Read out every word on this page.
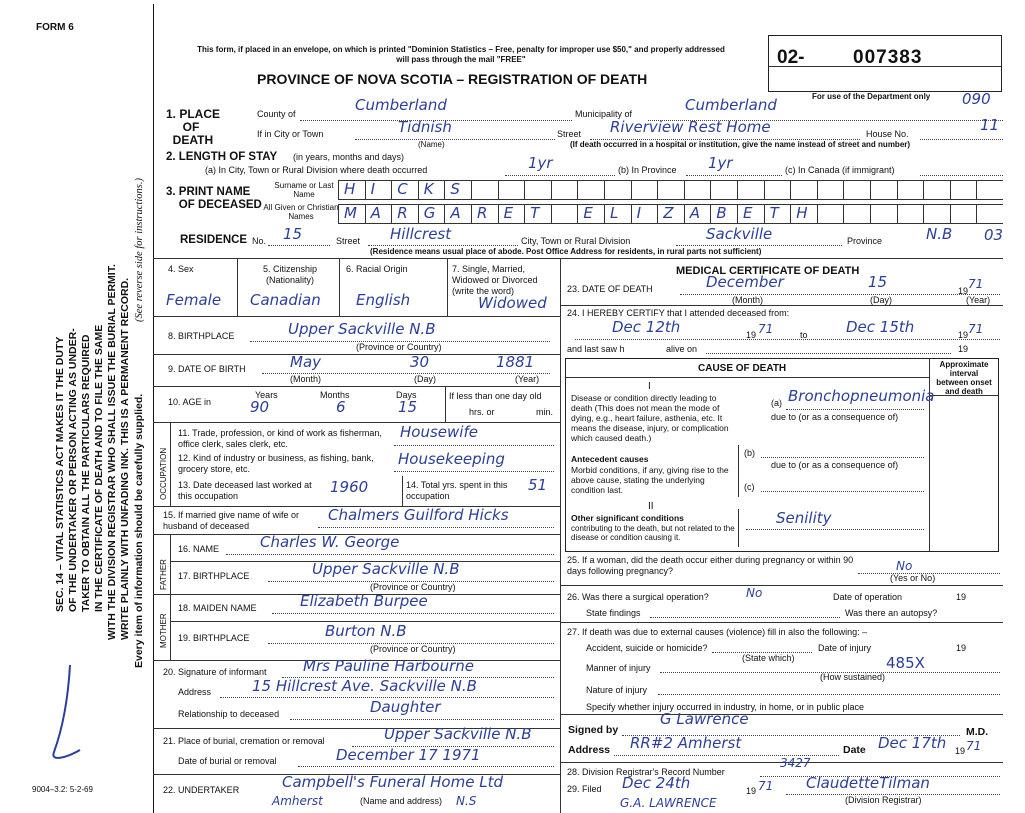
FORM 6
SEC. 14 – VITAL STATISTICS ACT MAKES IT THE DUTY OF THE UNDERTAKER OR PERSON ACTING AS UNDER- TAKER TO OBTAIN ALL THE PARTICULARS REQUIRED IN THE CERTIFICATE OF DEATH AND TO FILE THE SAME WITH THE DIVISION REGISTRAR WHO SHALL ISSUE THE BURIAL PERMIT. WRITE PLAINLY WITH UNFADING INK. THIS IS A PERMANENT RECORD. Every item of information should be carefully supplied.
(See reverse side for instructions.)
9004–3.2: 5-2-69
This form, if placed in an envelope, on which is printed "Dominion Statistics – Free, penalty for improper use $50," and properly addressed will pass through the mail "FREE"
PROVINCE OF NOVA SCOTIA – REGISTRATION OF DEATH
02-	007383
For use of the Department only 090
11
1. PLACE
OF
DEATH
County of	Cumberland	Municipality of	Cumberland
If in City or Town	Tidnish
(Name)
Street Riverview Rest Home	House No.
(If death occurred in a hospital or institution, give the name instead of street and number)
2. LENGTH OF STAY (in years, months and days)
(a) In City, Town or Rural Division where death occurred	1yr	(b) In Province 1yr	(c) In Canada (if immigrant)
3. PRINT NAME
OF DECEASED
Surname or Last Name
All Given or Christian Names
H I C K S
M A R G A R E T	E L I Z A B E T H
RESIDENCE No. 15	Street Hillcrest	City, Town or Rural Division	Sackville	Province	N.B 03
(Residence means usual place of abode. Post Office Address for residents, in rural parts not sufficient)
4. Sex
Female
5. Citizenship (Nationality)
Canadian
6. Racial Origin
English
7. Single, Married, Widowed or Divorced (write the word)
Widowed
8. BIRTHPLACE	Upper Sackville N.B
(Province or Country)
9. DATE OF BIRTH	May	30	1881
(Month)	(Day)	(Year)
10. AGE in
Years	Months	Days
90	6	15
If less than one day old
hrs. or	min.
OCCUPATION
11. Trade, profession, or kind of work as fisherman, office clerk, sales clerk, etc.
Housewife
12. Kind of industry or business, as fishing, bank, grocery store, etc.
Housekeeping
13. Date deceased last worked at this occupation	1960	14. Total yrs. spent in this occupation
51
15. If married give name of wife or husband of deceased
Chalmers Guilford Hicks
FATHER
MOTHER
16. NAME	Charles W. George
17. BIRTHPLACE	Upper Sackville N.B
(Province or Country)
18. MAIDEN NAME	Elizabeth Burpee
19. BIRTHPLACE	Burton N.B
(Province or Country)
20. Signature of informant Mrs Pauline Harbourne
Address	15 Hillcrest Ave. Sackville N.B
Relationship to deceased	Daughter
21. Place of burial, cremation or removal	Upper Sackville N.B
Date of burial or removal	December 17 1971
22. UNDERTAKER	Campbell's Funeral Home Ltd
Amherst	(Name and address) N.S
MEDICAL CERTIFICATE OF DEATH
23. DATE OF DEATH	December	15	19 71
(Month)	(Day)	(Year)
24. I HEREBY CERTIFY that I attended deceased from:
Dec 12th	19 71	to	Dec 15th	19 71
and last saw h	alive on	19
CAUSE OF DEATH	Approximate interval between onset and death
I
Disease or condition directly leading to death (This does not mean the mode of dying, e.g., heart failure, asthenia, etc. It means the disease, injury, or complication which caused death.)
(a) Bronchopneumonia
due to (or as a consequence of)
Antecedent causes
Morbid conditions, if any, giving rise to the above cause, stating the underlying condition last.
(b)
due to (or as a consequence of)
(c)
II
Other significant conditions
contributing to the death, but not related to the disease or condition causing it.
Senility
25. If a woman, did the death occur either during pregnancy or within 90 days following pregnancy?	No
(Yes or No)
26. Was there a surgical operation?	No	Date of operation	19
State findings	Was there an autopsy?
27. If death was due to external causes (violence) fill in also the following: –
Accident, suicide or homicide?
(State which)
Date of injury	19
Manner of injury	485X
(How sustained)
Nature of injury
Specify whether injury occurred in industry, in home, or in public place
Signed by
G Lawrence
M.D.
Address RR#2 Amherst	Date Dec 17th 19 71
28. Division Registrar's Record Number
3427
29. Filed Dec 24th	19 71 ClaudetteTilman
(Division Registrar)
G.A. LAWRENCE
